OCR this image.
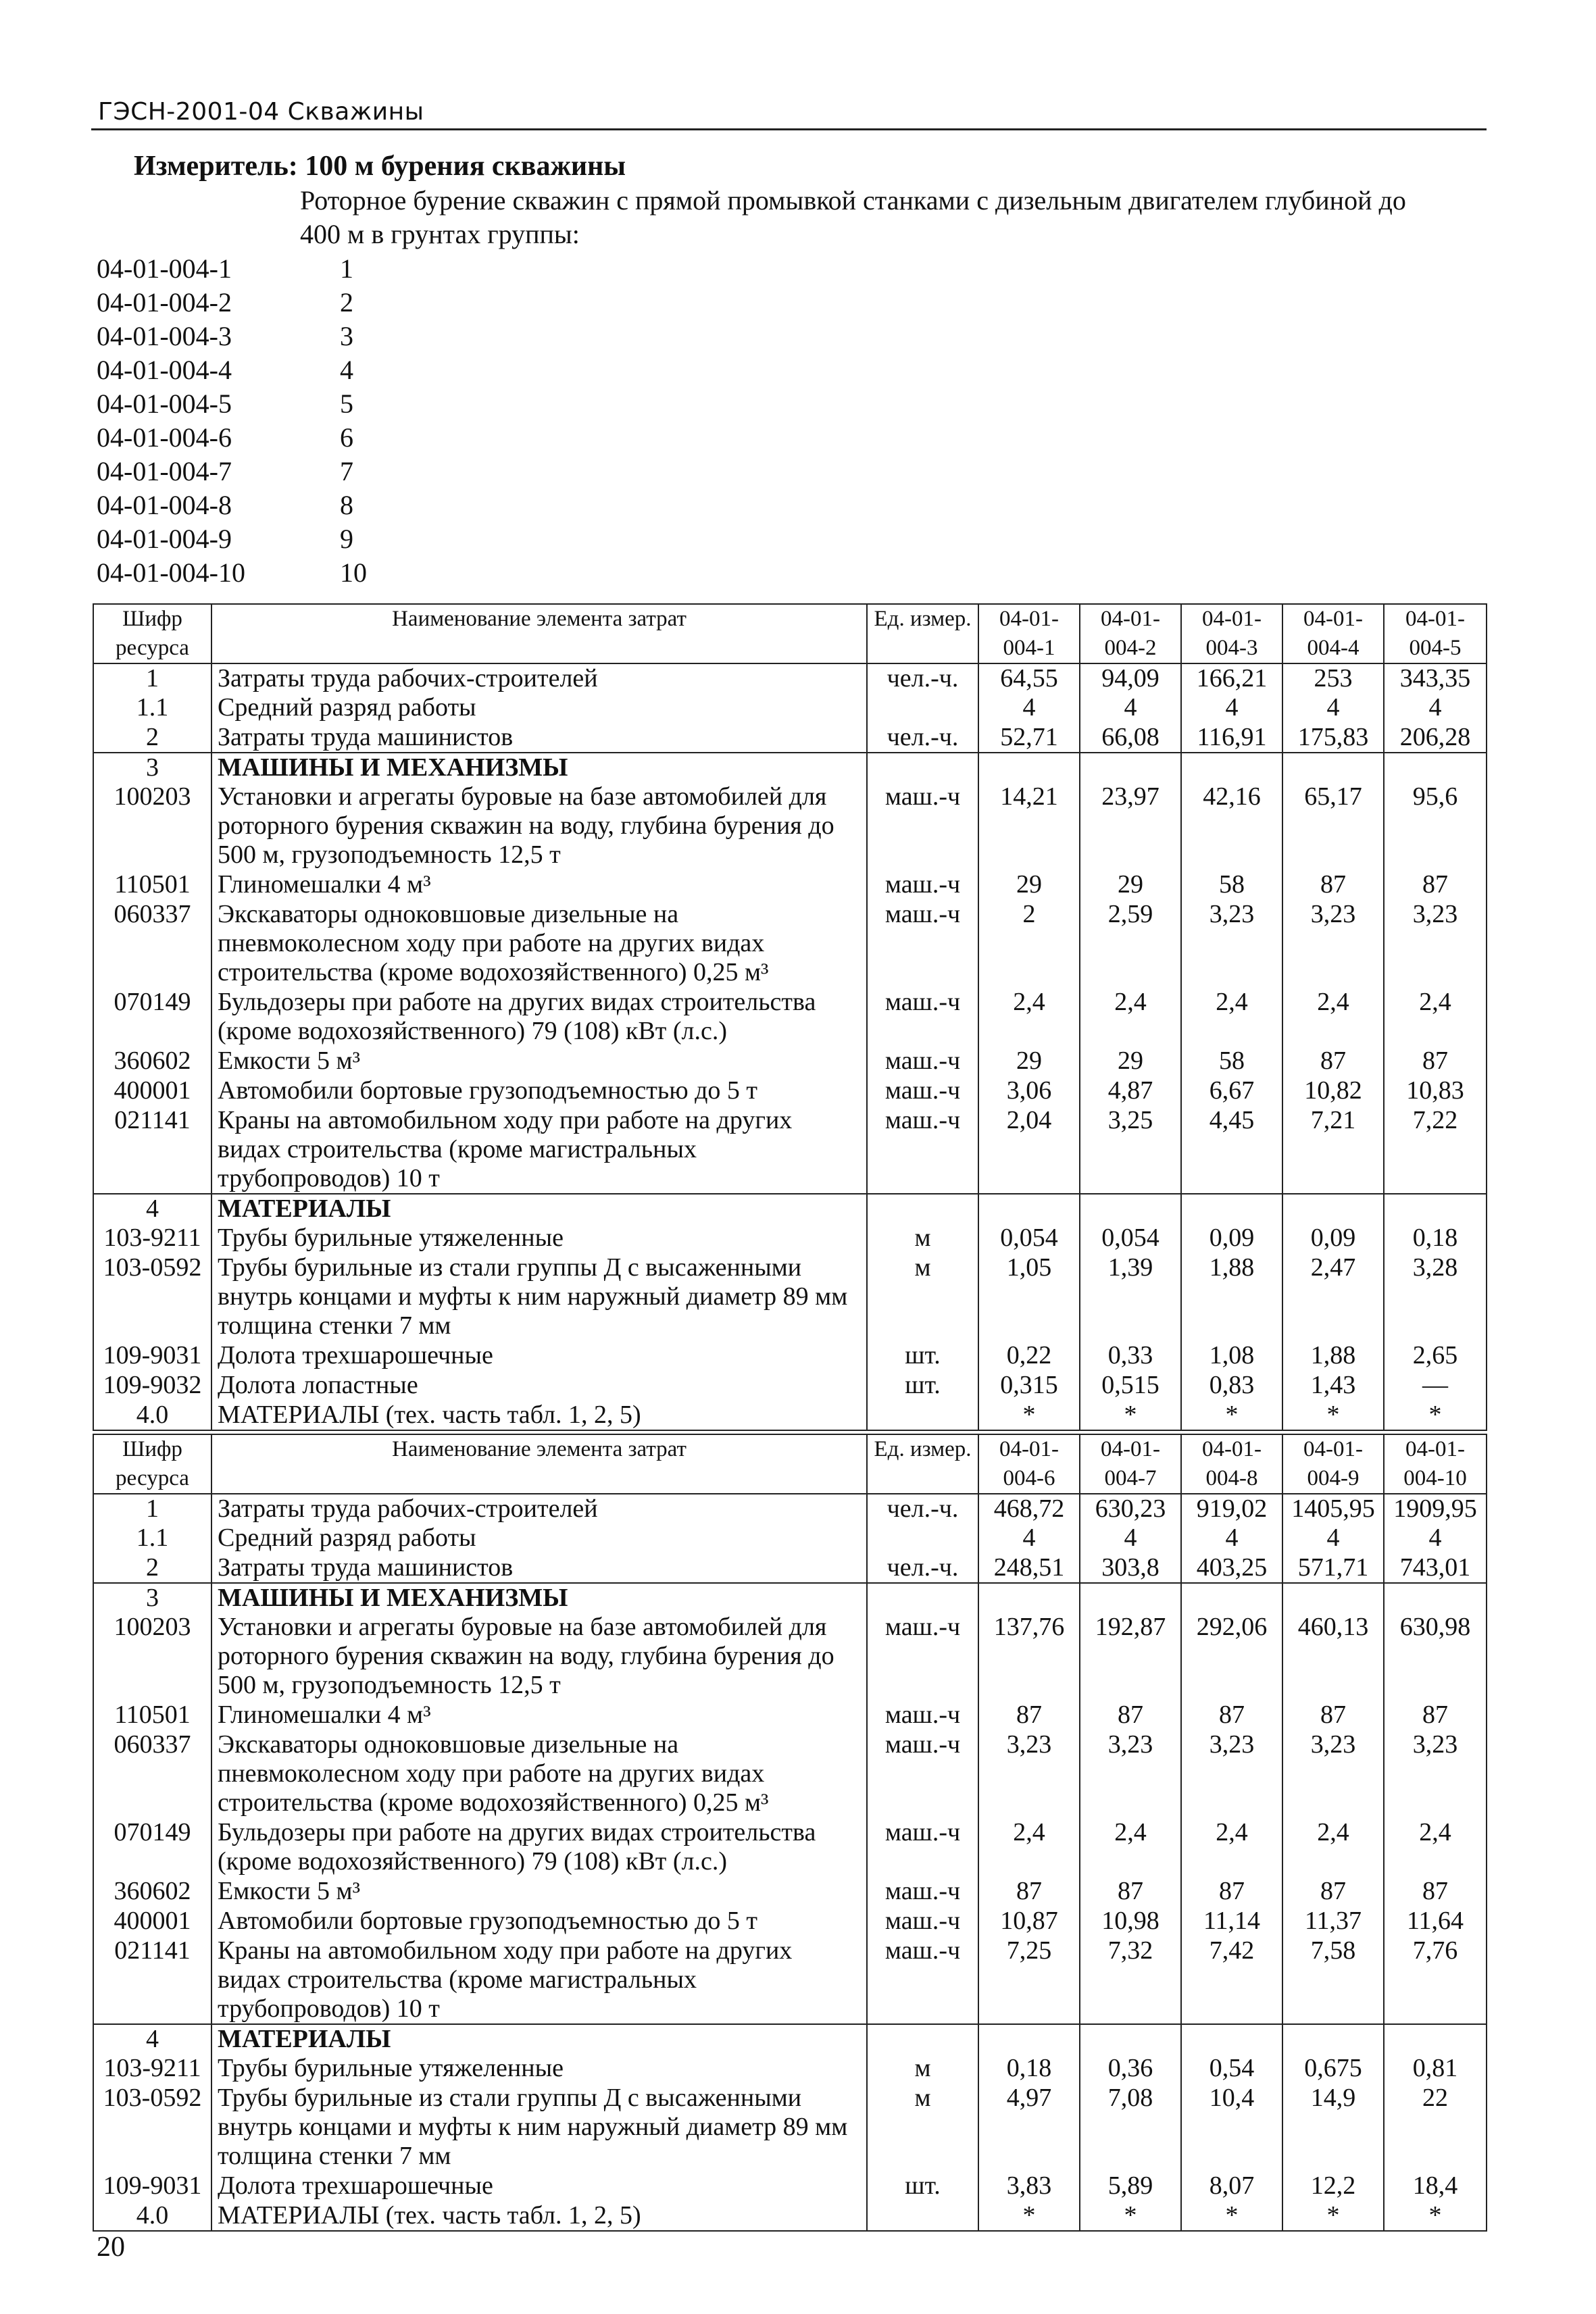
ГЭСН-2001-04 Скважины
Измеритель: 100 м бурения скважины
Роторное бурение скважин с прямой промывкой станками с дизельным двигателем глубиной до 400 м в грунтах группы:
04-01-004-1	1
04-01-004-2	2
04-01-004-3	3
04-01-004-4	4
04-01-004-5	5
04-01-004-6	6
04-01-004-7	7
04-01-004-8	8
04-01-004-9	9
04-01-004-10	10
Шифр ресурса	Наименование элемента затрат	Ед. измер.	04-01- 004-1	04-01- 004-2	04-01- 004-3	04-01- 004-4	04-01- 004-5
1	Затраты труда рабочих-строителей	чел.-ч.	64,55	94,09	166,21	253	343,35
1.1	Средний разряд работы		4	4	4	4	4
2	Затраты труда машинистов	чел.-ч.	52,71	66,08	116,91	175,83	206,28
3	МАШИНЫ И МЕХАНИЗМЫ						
100203	Установки и агрегаты буровые на базе автомобилей для роторного бурения скважин на воду, глубина бурения до 500 м, грузоподъемность 12,5 т	маш.-ч	14,21	23,97	42,16	65,17	95,6
110501	Глиномешалки 4 м³	маш.-ч	29	29	58	87	87
060337	Экскаваторы одноковшовые дизельные на пневмоколесном ходу при работе на других видах строительства (кроме водохозяйственного) 0,25 м³	маш.-ч	2	2,59	3,23	3,23	3,23
070149	Бульдозеры при работе на других видах строительства (кроме водохозяйственного) 79 (108) кВт (л.с.)	маш.-ч	2,4	2,4	2,4	2,4	2,4
360602	Емкости 5 м³	маш.-ч	29	29	58	87	87
400001	Автомобили бортовые грузоподъемностью до 5 т	маш.-ч	3,06	4,87	6,67	10,82	10,83
021141	Краны на автомобильном ходу при работе на других видах строительства (кроме магистральных трубопроводов) 10 т	маш.-ч	2,04	3,25	4,45	7,21	7,22
4	МАТЕРИАЛЫ						
103-9211	Трубы бурильные утяжеленные	м	0,054	0,054	0,09	0,09	0,18
103-0592	Трубы бурильные из стали группы Д с высаженными внутрь концами и муфты к ним наружный диаметр 89 мм толщина стенки 7 мм	м	1,05	1,39	1,88	2,47	3,28
109-9031	Долота трехшарошечные	шт.	0,22	0,33	1,08	1,88	2,65
109-9032	Долота лопастные	шт.	0,315	0,515	0,83	1,43	—
4.0	МАТЕРИАЛЫ (тех. часть табл. 1, 2, 5)		*	*	*	*	*
Шифр ресурса	Наименование элемента затрат	Ед. измер.	04-01- 004-6	04-01- 004-7	04-01- 004-8	04-01- 004-9	04-01- 004-10
1	Затраты труда рабочих-строителей	чел.-ч.	468,72	630,23	919,02	1405,95	1909,95
1.1	Средний разряд работы		4	4	4	4	4
2	Затраты труда машинистов	чел.-ч.	248,51	303,8	403,25	571,71	743,01
3	МАШИНЫ И МЕХАНИЗМЫ						
100203	Установки и агрегаты буровые на базе автомобилей для роторного бурения скважин на воду, глубина бурения до 500 м, грузоподъемность 12,5 т	маш.-ч	137,76	192,87	292,06	460,13	630,98
110501	Глиномешалки 4 м³	маш.-ч	87	87	87	87	87
060337	Экскаваторы одноковшовые дизельные на пневмоколесном ходу при работе на других видах строительства (кроме водохозяйственного) 0,25 м³	маш.-ч	3,23	3,23	3,23	3,23	3,23
070149	Бульдозеры при работе на других видах строительства (кроме водохозяйственного) 79 (108) кВт (л.с.)	маш.-ч	2,4	2,4	2,4	2,4	2,4
360602	Емкости 5 м³	маш.-ч	87	87	87	87	87
400001	Автомобили бортовые грузоподъемностью до 5 т	маш.-ч	10,87	10,98	11,14	11,37	11,64
021141	Краны на автомобильном ходу при работе на других видах строительства (кроме магистральных трубопроводов) 10 т	маш.-ч	7,25	7,32	7,42	7,58	7,76
4	МАТЕРИАЛЫ						
103-9211	Трубы бурильные утяжеленные	м	0,18	0,36	0,54	0,675	0,81
103-0592	Трубы бурильные из стали группы Д с высаженными внутрь концами и муфты к ним наружный диаметр 89 мм толщина стенки 7 мм	м	4,97	7,08	10,4	14,9	22
109-9031	Долота трехшарошечные	шт.	3,83	5,89	8,07	12,2	18,4
4.0	МАТЕРИАЛЫ (тех. часть табл. 1, 2, 5)		*	*	*	*	*
20
